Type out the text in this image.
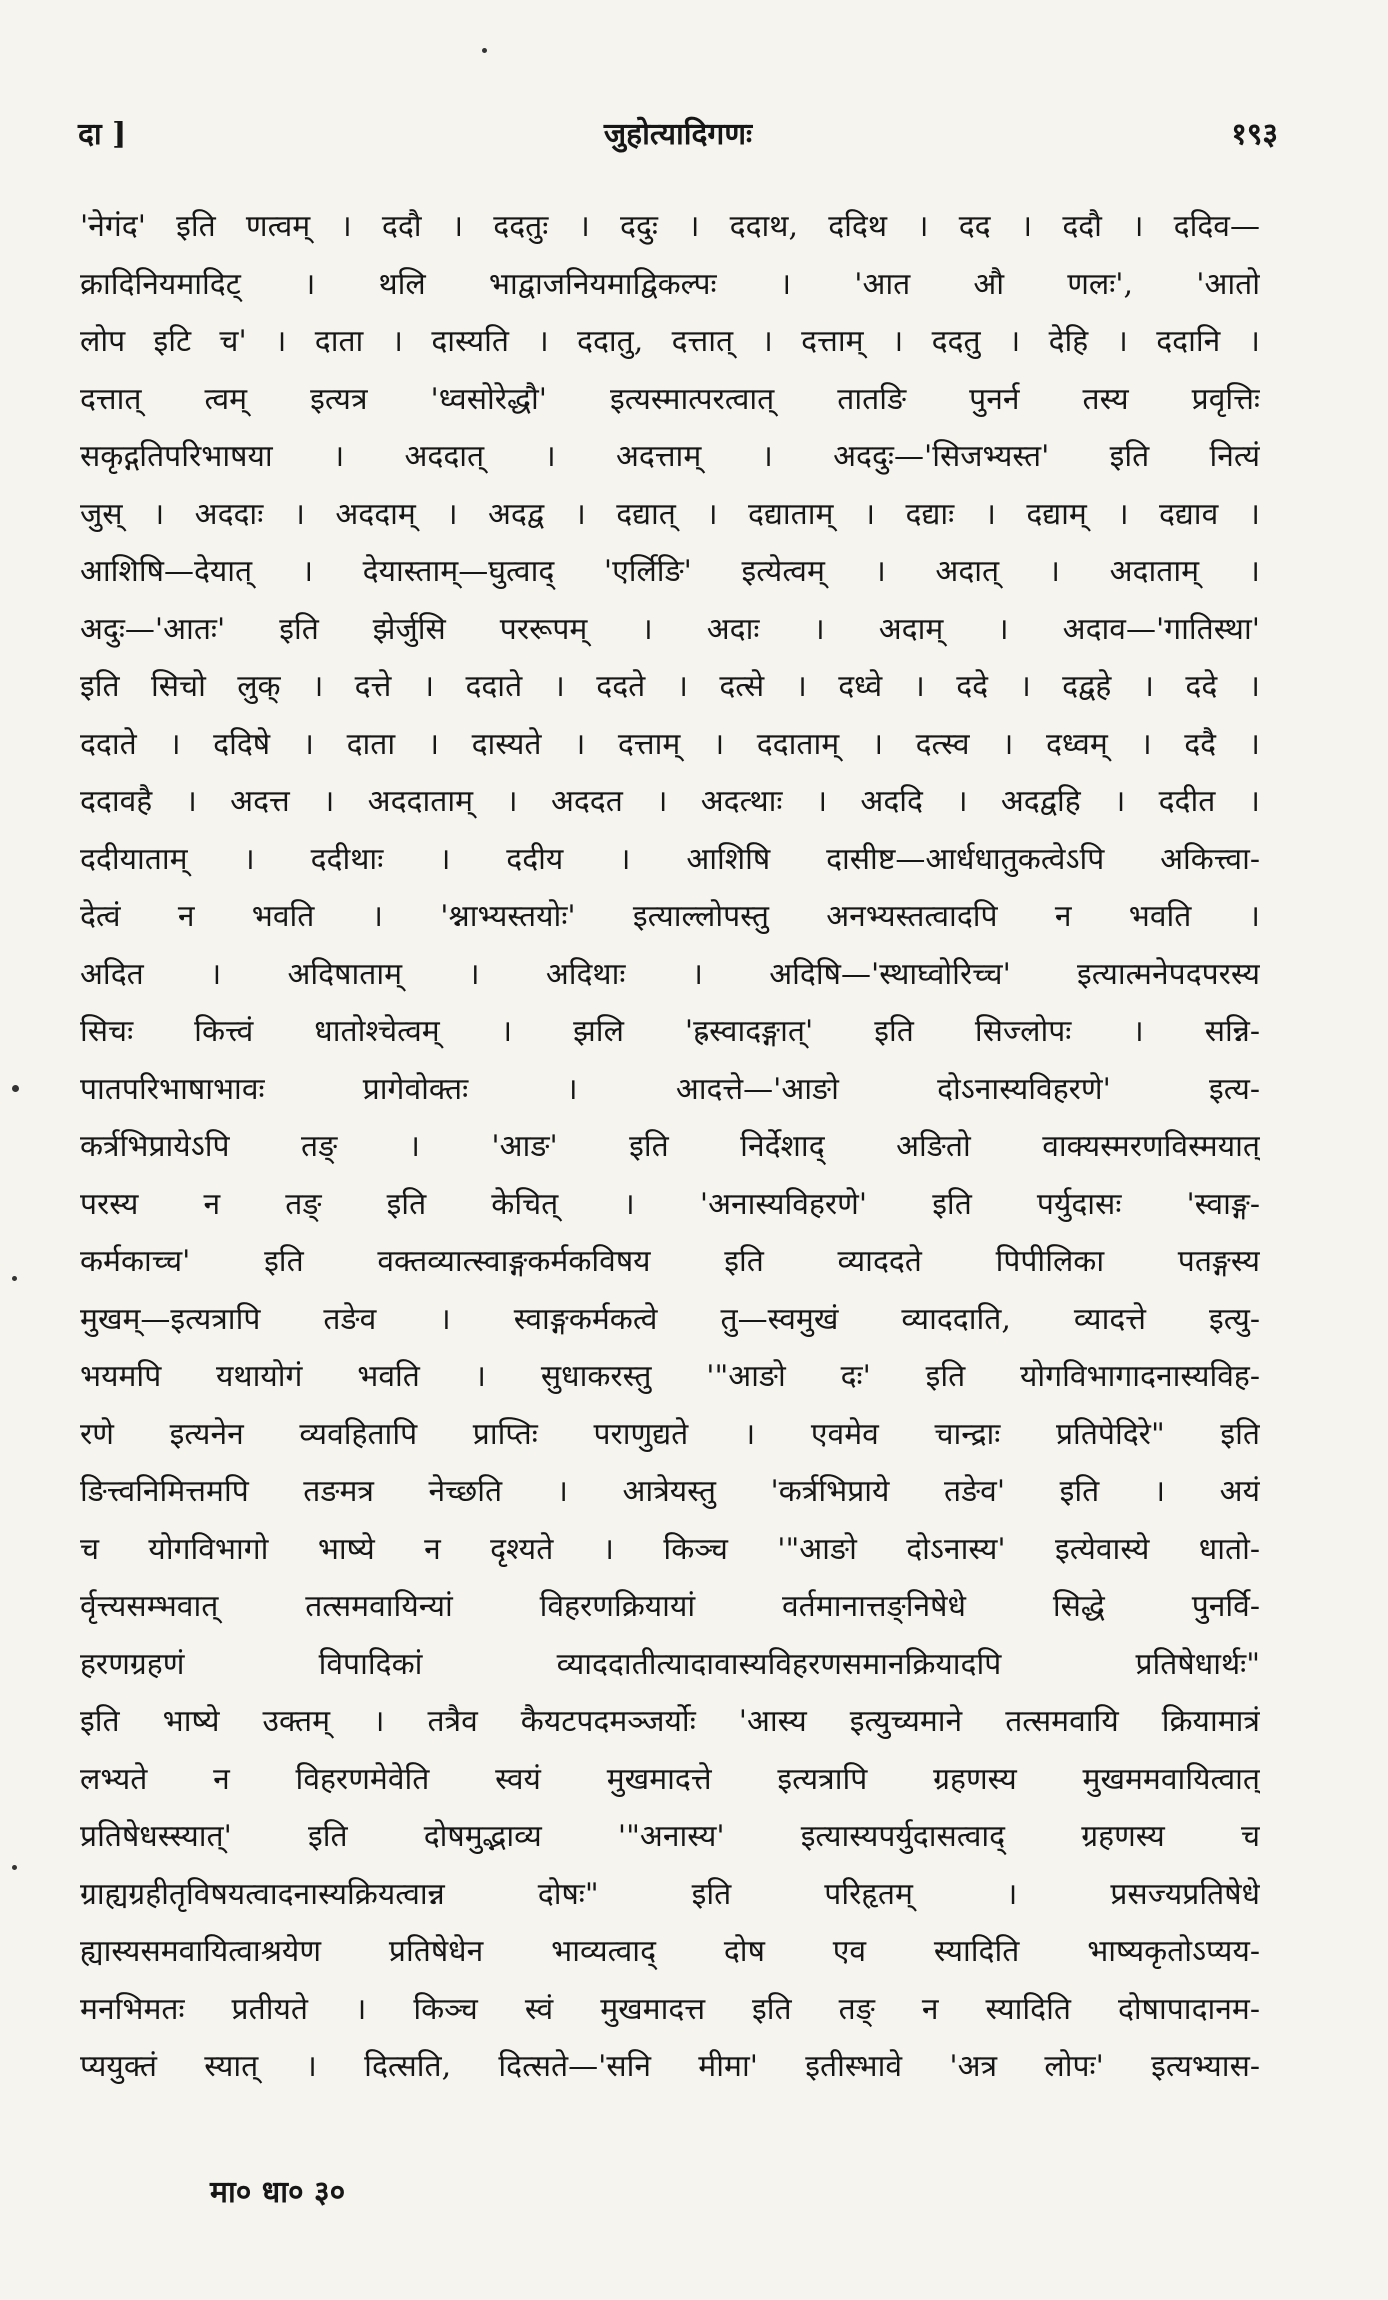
दा ]	जुहोत्यादिगणः	१९३
'नेगंद' इति णत्वम् । ददौ । ददतुः । ददुः । ददाथ, ददिथ । दद । ददौ । ददिव—
क्रादिनियमादिट् । थलि भाद्वाजनियमाद्विकल्पः । 'आत औ णलः', 'आतो
लोप इटि च' । दाता । दास्यति । ददातु, दत्तात् । दत्ताम् । ददतु । देहि । ददानि ।
दत्तात् त्वम् इत्यत्र 'ध्वसोरेद्धौ' इत्यस्मात्परत्वात् तातङि पुनर्न तस्य प्रवृत्तिः
सकृद्गतिपरिभाषया । अददात् । अदत्ताम् । अददुः—'सिजभ्यस्त' इति नित्यं
जुस् । अददाः । अददाम् । अदद्व । दद्यात् । दद्याताम् । दद्याः । दद्याम् । दद्याव ।
आशिषि—देयात् । देयास्ताम्—घुत्वाद् 'एर्लिङि' इत्येत्वम् । अदात् । अदाताम् ।
अदुः—'आतः' इति झेर्जुसि पररूपम् । अदाः । अदाम् । अदाव—'गातिस्था'
इति सिचो लुक् । दत्ते । ददाते । ददते । दत्से । दध्वे । ददे । दद्वहे । ददे ।
ददाते । ददिषे । दाता । दास्यते । दत्ताम् । ददाताम् । दत्स्व । दध्वम् । ददै ।
ददावहै । अदत्त । अददाताम् । अददत । अदत्थाः । अददि । अदद्वहि । ददीत ।
ददीयाताम् । ददीथाः । ददीय । आशिषि दासीष्ट—आर्धधातुकत्वेऽपि अकित्त्वा-
देत्वं न भवति । 'श्नाभ्यस्तयोः' इत्याल्लोपस्तु अनभ्यस्तत्वादपि न भवति ।
अदित । अदिषाताम् । अदिथाः । अदिषि—'स्थाघ्वोरिच्च' इत्यात्मनेपदपरस्य
सिचः कित्त्वं धातोश्चेत्वम् । झलि 'ह्रस्वादङ्गात्' इति सिज्लोपः । सन्नि-
पातपरिभाषाभावः प्रागेवोक्तः । आदत्ते—'आङो दोऽनास्यविहरणे' इत्य-
कर्त्रभिप्रायेऽपि तङ् । 'आङ' इति निर्देशाद् अङितो वाक्यस्मरणविस्मयात्
परस्य न तङ् इति केचित् । 'अनास्यविहरणे' इति पर्युदासः 'स्वाङ्ग-
कर्मकाच्च' इति वक्तव्यात्स्वाङ्गकर्मकविषय इति व्याददते पिपीलिका पतङ्गस्य
मुखम्—इत्यत्रापि तङेव । स्वाङ्गकर्मकत्वे तु—स्वमुखं व्याददाति, व्यादत्ते इत्यु-
भयमपि यथायोगं भवति । सुधाकरस्तु '"आङो दः' इति योगविभागादनास्यविह-
रणे इत्यनेन व्यवहितापि प्राप्तिः पराणुद्यते । एवमेव चान्द्राः प्रतिपेदिरे" इति
ङित्त्वनिमित्तमपि तङमत्र नेच्छति । आत्रेयस्तु 'कर्त्रभिप्राये तङेव' इति । अयं
च योगविभागो भाष्ये न दृश्यते । किञ्च '"आङो दोऽनास्य' इत्येवास्ये धातो-
र्वृत्त्यसम्भवात् तत्समवायिन्यां विहरणक्रियायां वर्तमानात्तङ्निषेधे सिद्धे पुनर्वि-
हरणग्रहणं विपादिकां व्याददातीत्यादावास्यविहरणसमानक्रियादपि प्रतिषेधार्थः"
इति भाष्ये उक्तम् । तत्रैव कैयटपदमञ्जर्योः 'आस्य इत्युच्यमाने तत्समवायि क्रियामात्रं
लभ्यते न विहरणमेवेति स्वयं मुखमादत्ते इत्यत्रापि ग्रहणस्य मुखममवायित्वात्
प्रतिषेधस्स्यात्' इति दोषमुद्भाव्य '"अनास्य' इत्यास्यपर्युदासत्वाद् ग्रहणस्य च
ग्राह्यग्रहीतृविषयत्वादनास्यक्रियत्वान्न दोषः" इति परिहृतम् । प्रसज्यप्रतिषेधे
ह्यास्यसमवायित्वाश्रयेण प्रतिषेधेन भाव्यत्वाद् दोष एव स्यादिति भाष्यकृतोऽप्यय-
मनभिमतः प्रतीयते । किञ्च स्वं मुखमादत्त इति तङ् न स्यादिति दोषापादानम-
प्ययुक्तं स्यात् । दित्सति, दित्सते—'सनि मीमा' इतीस्भावे 'अत्र लोपः' इत्यभ्यास-
मा० धा० ३०
